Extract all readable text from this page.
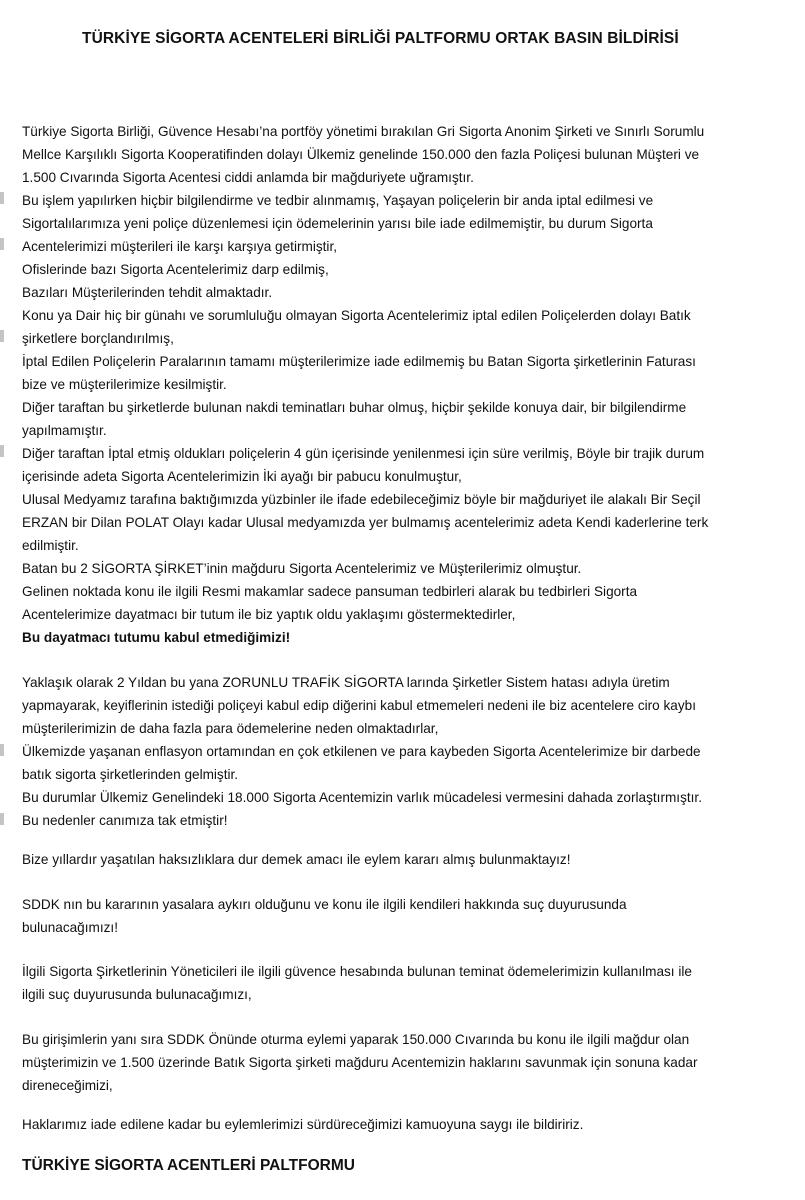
TÜRKİYE SİGORTA ACENTELERİ BİRLİĞİ PALTFORMU ORTAK BASIN BİLDİRİSİ
Türkiye Sigorta Birliği, Güvence Hesabı’na portföy yönetimi bırakılan Gri Sigorta Anonim Şirketi ve Sınırlı Sorumlu
Mellce Karşılıklı Sigorta Kooperatifinden dolayı Ülkemiz genelinde 150.000 den fazla Poliçesi bulunan Müşteri ve
1.500 Cıvarında Sigorta Acentesi ciddi anlamda bir mağduriyete uğramıştır.
Bu işlem yapılırken hiçbir bilgilendirme ve tedbir alınmamış, Yaşayan poliçelerin bir anda iptal edilmesi ve
Sigortalılarımıza yeni poliçe düzenlemesi için ödemelerinin yarısı bile iade edilmemiştir, bu durum Sigorta
Acentelerimizi müşterileri ile karşı karşıya getirmiştir,
Ofislerinde bazı Sigorta Acentelerimiz darp edilmiş,
Bazıları Müşterilerinden tehdit almaktadır.
Konu ya Dair hiç bir günahı ve sorumluluğu olmayan Sigorta Acentelerimiz iptal edilen Poliçelerden dolayı Batık
şirketlere borçlandırılmış,
İptal Edilen Poliçelerin Paralarının tamamı müşterilerimize iade edilmemiş bu Batan Sigorta şirketlerinin Faturası
bize ve müşterilerimize kesilmiştir.
Diğer taraftan bu şirketlerde bulunan nakdi teminatları buhar olmuş, hiçbir şekilde konuya dair, bir bilgilendirme
yapılmamıştır.
Diğer taraftan İptal etmiş oldukları poliçelerin 4 gün içerisinde yenilenmesi için süre verilmiş, Böyle bir trajik durum
içerisinde adeta Sigorta Acentelerimizin İki ayağı bir pabucu konulmuştur,
Ulusal Medyamız tarafına baktığımızda yüzbinler ile ifade edebileceğimiz böyle bir mağduriyet ile alakalı Bir Seçil
ERZAN bir Dilan POLAT Olayı kadar Ulusal medyamızda yer bulmamış acentelerimiz adeta Kendi kaderlerine terk
edilmiştir.
Batan bu 2 SİGORTA ŞİRKET’inin mağduru Sigorta Acentelerimiz ve Müşterilerimiz olmuştur.
Gelinen noktada konu ile ilgili Resmi makamlar sadece pansuman tedbirleri alarak bu tedbirleri Sigorta
Acentelerimize dayatmacı bir tutum ile biz yaptık oldu yaklaşımı göstermektedirler,
Bu dayatmacı tutumu kabul etmediğimizi!
Yaklaşık olarak 2 Yıldan bu yana ZORUNLU TRAFİK SİGORTA larında Şirketler Sistem hatası adıyla üretim
yapmayarak, keyiflerinin istediği poliçeyi kabul edip diğerini kabul etmemeleri nedeni ile biz acentelere ciro kaybı
müşterilerimizin de daha fazla para ödemelerine neden olmaktadırlar,
Ülkemizde yaşanan enflasyon ortamından en çok etkilenen ve para kaybeden Sigorta Acentelerimize bir darbede
batık sigorta şirketlerinden gelmiştir.
Bu durumlar Ülkemiz Genelindeki 18.000 Sigorta Acentemizin varlık mücadelesi vermesini dahada zorlaştırmıştır.
Bu nedenler canımıza tak etmiştir!
Bize yıllardır yaşatılan haksızlıklara dur demek amacı ile eylem kararı almış bulunmaktayız!
SDDK nın bu kararının yasalara aykırı olduğunu ve konu ile ilgili kendileri hakkında suç duyurusunda
bulunacağımızı!
İlgili Sigorta Şirketlerinin Yöneticileri ile ilgili güvence hesabında bulunan teminat ödemelerimizin kullanılması ile
ilgili suç duyurusunda bulunacağımızı,
Bu girişimlerin yanı sıra SDDK Önünde oturma eylemi yaparak 150.000 Cıvarında bu konu ile ilgili mağdur olan
müşterimizin ve 1.500 üzerinde Batık Sigorta şirketi mağduru Acentemizin haklarını savunmak için sonuna kadar
direneceğimizi,
Haklarımız iade edilene kadar bu eylemlerimizi sürdüreceğimizi kamuoyuna saygı ile bildiririz.
TÜRKİYE SİGORTA ACENTLERİ PALTFORMU
